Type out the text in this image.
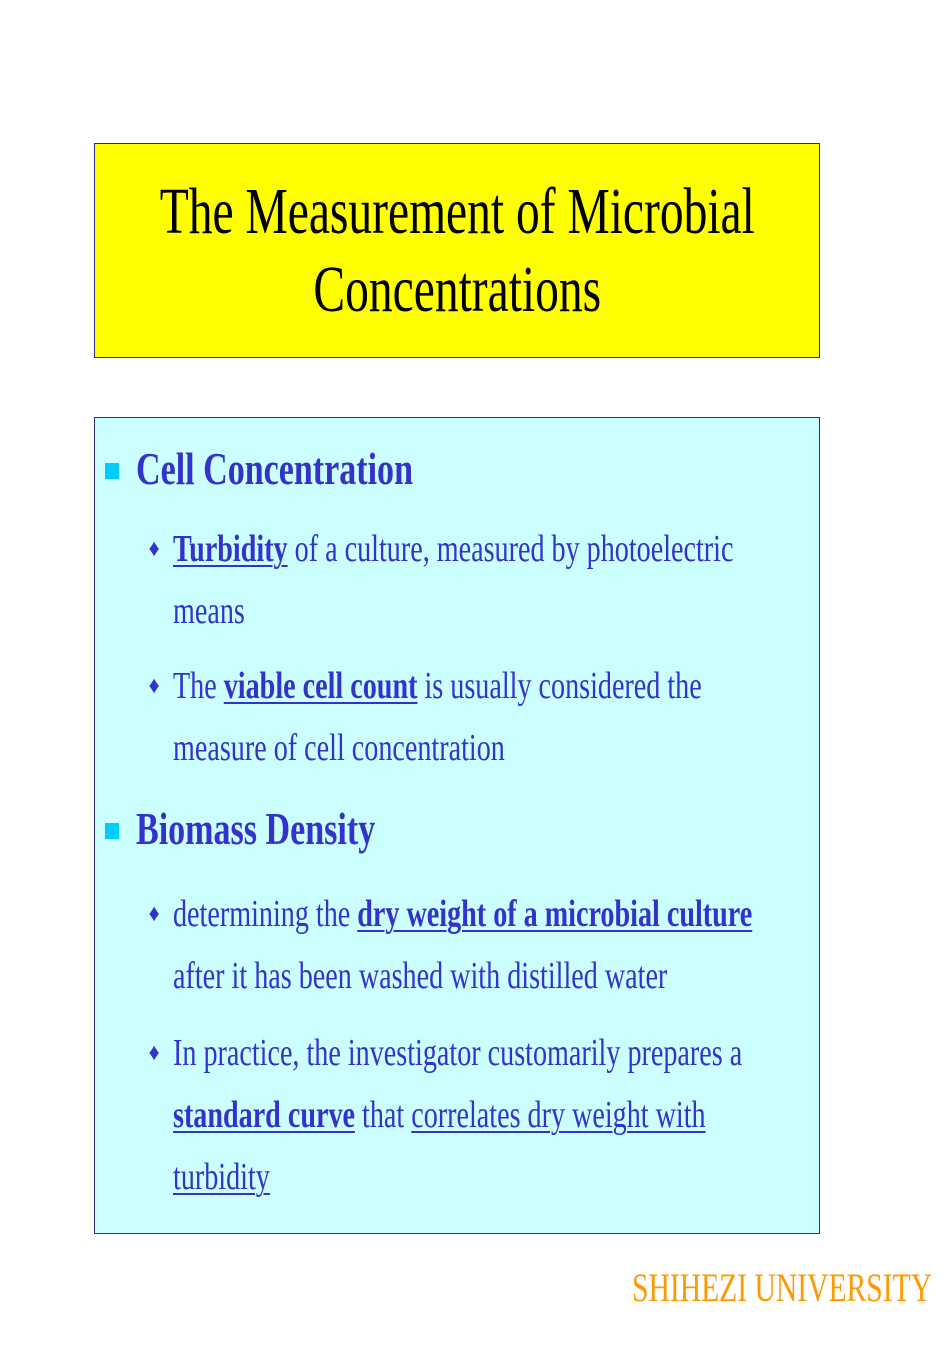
The Measurement of Microbial
Concentrations
Cell Concentration
♦ Turbidity of a culture, measured by photoelectric
means
♦ The viable cell count is usually considered the
measure of cell concentration
Biomass Density
♦ determining the dry weight of a microbial culture
after it has been washed with distilled water
♦ In practice, the investigator customarily prepares a
standard curve that correlates dry weight with
turbidity
SHIHEZI UNIVERSITY
